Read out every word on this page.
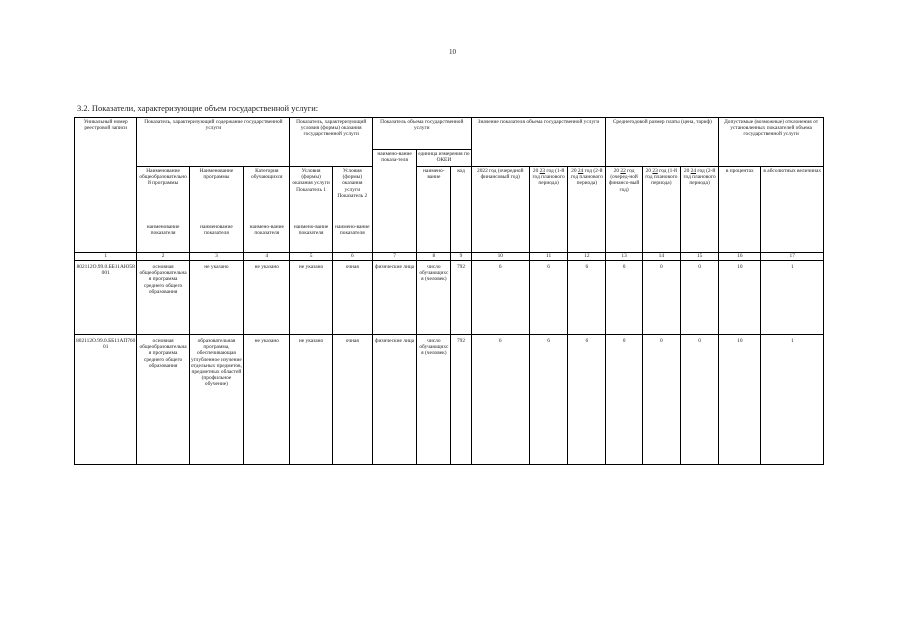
10
3.2. Показатели, характеризующие объем государственной услуги:
Уникальный номер реестровой записи	Показатель, характеризующий содержание государственной услуги			Показатель, характеризующий условия (формы) оказания государственной услуги		Показатель объема государственной услуги			Значение показателя объема государственной услуги			Среднегодовой размер платы (цена, тариф)			Допустимые (возможные) отклонения от установленных показателей объема государственной услуги	
						наимено-вание показа-теля	единица измерения по ОКЕИ									
	Наименование общеобразовательной программы	Наименование программы	Категория обучающихся	Условия (формы) оказания услуги Показатель 1	Условия (формы) оказания услуги Показатель 2		наимено-вание	код	2022 год (очередной финансовый год)	20 23 год (1-й год планового периода)	20 24 год (2-й год планового периода)	20 22 год (очеред-ной финансо-вый год)	20 23 год (1-й год планового периода)	20 24 год (2-й год планового периода)	в процентах	в абсолютных величинах
	наименование показателя	наименование показателя	наимено-вание показателя	наимено-вание показателя	наимено-вание показателя											
1	2	3	4	5	6	7	8	9	10	11	12	13	14	15	16	17
802112О.99.0.ББ11АЮ58001	основная общеобразовательная программа среднего общего образования	не указано	не указано	не указано	очная	физические лица	число обучающихся (человек)	792	6	6	6	0	0	0	10	1
802112О.99.0.ББ11АП76001	основная общеобразовательная программа среднего общего образования	образовательная программа, обеспечивающая углубленное изучение отдельных предметов, предметных областей (профильное обучение)	не указано	не указано	очная	физические лица	число обучающихся (человек)	792	6	6	6	0	0	0	10	1
